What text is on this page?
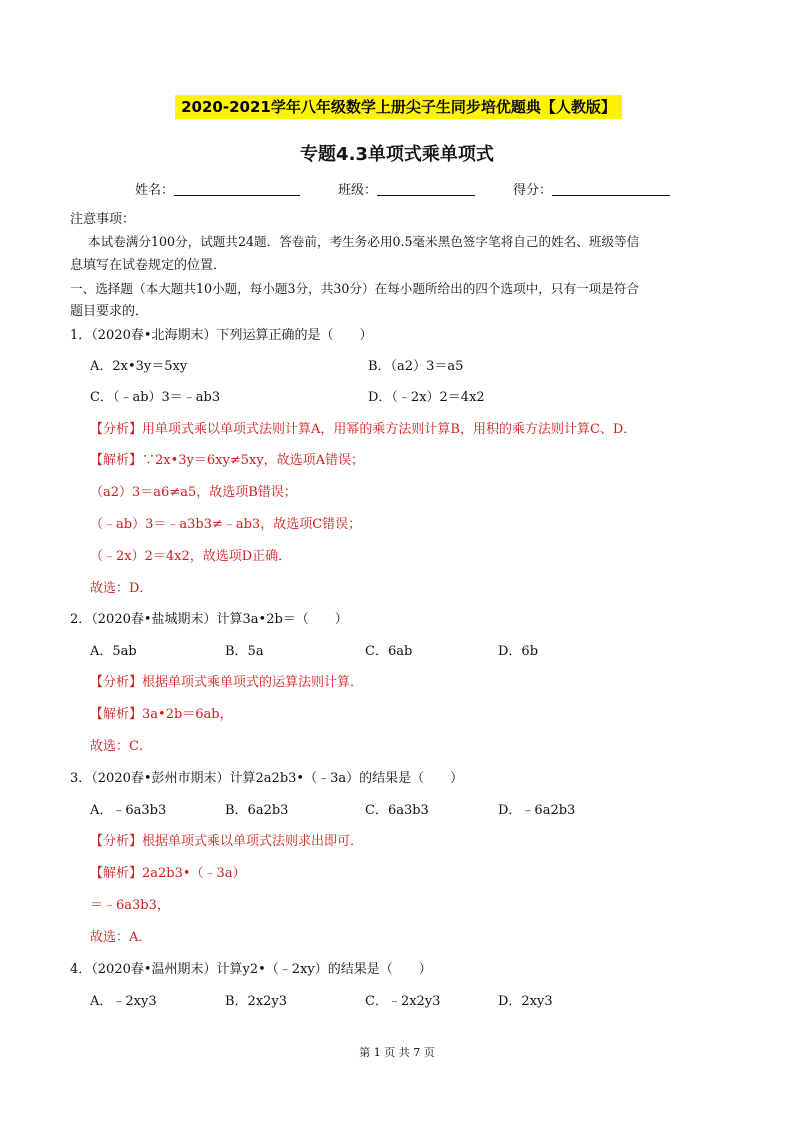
2020-2021学年八年级数学上册尖子生同步培优题典【人教版】
专题4.3单项式乘单项式
姓名：	班级：	得分：
注意事项：
本试卷满分100分，试题共24题．答卷前，考生务必用0.5毫米黑色签字笔将自己的姓名、班级等信
息填写在试卷规定的位置．
一、选择题（本大题共10小题，每小题3分，共30分）在每小题所给出的四个选项中，只有一项是符合
题目要求的．
1．（2020春•北海期末）下列运算正确的是（　　）
A．2x•3y＝5xy	B．（a2）3＝a5
C．（﹣ab）3＝﹣ab3	D．（﹣2x）2＝4x2
【分析】用单项式乘以单项式法则计算A，用幂的乘方法则计算B，用积的乘方法则计算C、D．
【解析】∵2x•3y＝6xy≠5xy，故选项A错误；
（a2）3＝a6≠a5，故选项B错误；
（﹣ab）3＝﹣a3b3≠﹣ab3，故选项C错误；
（﹣2x）2＝4x2，故选项D正确．
故选：D．
2．（2020春•盐城期末）计算3a•2b＝（　　）
A．5ab	B．5a	C．6ab	D．6b
【分析】根据单项式乘单项式的运算法则计算．
【解析】3a•2b＝6ab，
故选：C．
3．（2020春•彭州市期末）计算2a2b3•（﹣3a）的结果是（　　）
A．﹣6a3b3	B．6a2b3	C．6a3b3	D．﹣6a2b3
【分析】根据单项式乘以单项式法则求出即可．
【解析】2a2b3•（﹣3a）
＝﹣6a3b3，
故选：A．
4．（2020春•温州期末）计算y2•（﹣2xy）的结果是（　　）
A．﹣2xy3	B．2x2y3	C．﹣2x2y3	D．2xy3
第 1 页 共 7 页
